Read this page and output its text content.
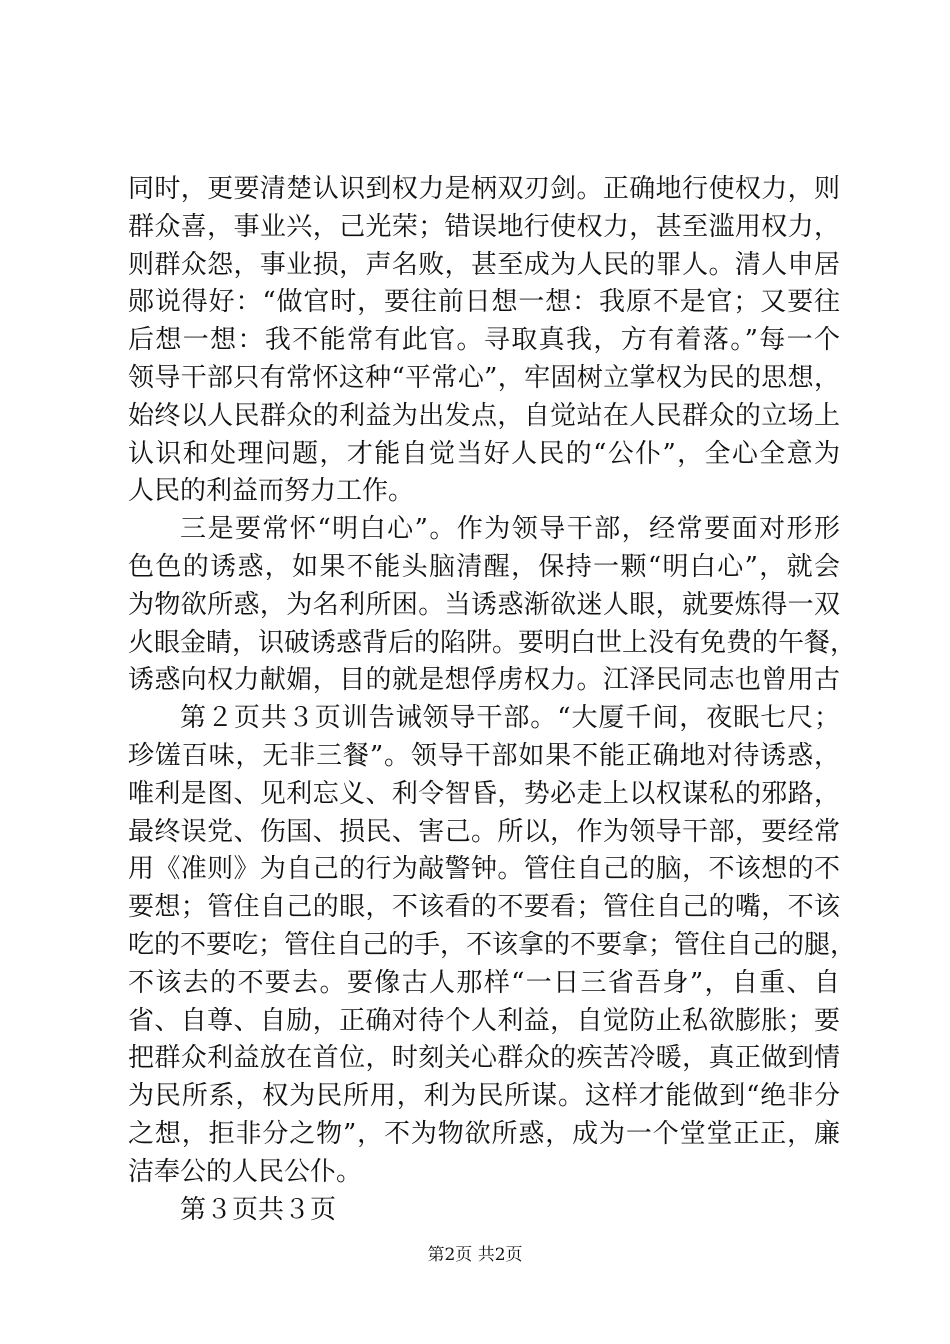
同时，更要清楚认识到权力是柄双刃剑。正确地行使权力，则
群众喜，事业兴，己光荣；错误地行使权力，甚至滥用权力，
则群众怨，事业损，声名败，甚至成为人民的罪人。清人申居
郧说得好：“做官时，要往前日想一想：我原不是官；又要往
后想一想：我不能常有此官。寻取真我，方有着落。”每一个
领导干部只有常怀这种“平常心”，牢固树立掌权为民的思想，
始终以人民群众的利益为出发点，自觉站在人民群众的立场上
认识和处理问题，才能自觉当好人民的“公仆”，全心全意为
人民的利益而努力工作。
三是要常怀“明白心”。作为领导干部，经常要面对形形
色色的诱惑，如果不能头脑清醒，保持一颗“明白心”，就会
为物欲所惑，为名利所困。当诱惑渐欲迷人眼，就要炼得一双
火眼金睛，识破诱惑背后的陷阱。要明白世上没有免费的午餐，
诱惑向权力献媚，目的就是想俘虏权力。江泽民同志也曾用古
第２页共３页训告诫领导干部。“大厦千间，夜眠七尺；
珍馐百味，无非三餐”。领导干部如果不能正确地对待诱惑，
唯利是图、见利忘义、利令智昏，势必走上以权谋私的邪路，
最终误党、伤国、损民、害己。所以，作为领导干部，要经常
用《准则》为自己的行为敲警钟。管住自己的脑，不该想的不
要想；管住自己的眼，不该看的不要看；管住自己的嘴，不该
吃的不要吃；管住自己的手，不该拿的不要拿；管住自己的腿，
不该去的不要去。要像古人那样“一日三省吾身”，自重、自
省、自尊、自励，正确对待个人利益，自觉防止私欲膨胀；要
把群众利益放在首位，时刻关心群众的疾苦冷暖，真正做到情
为民所系，权为民所用，利为民所谋。这样才能做到“绝非分
之想，拒非分之物”，不为物欲所惑，成为一个堂堂正正，廉
洁奉公的人民公仆。
第３页共３页
第2页 共2页
